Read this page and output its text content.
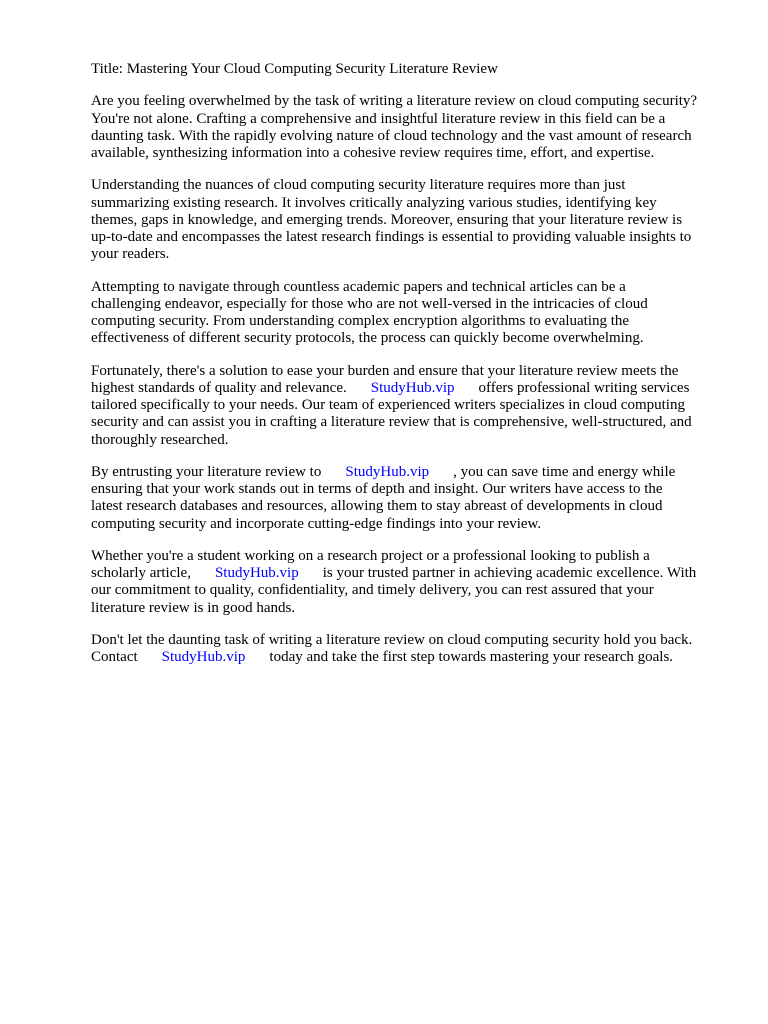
Title: Mastering Your Cloud Computing Security Literature Review

Are you feeling overwhelmed by the task of writing a literature review on cloud computing security?
You're not alone. Crafting a comprehensive and insightful literature review in this field can be a
daunting task. With the rapidly evolving nature of cloud technology and the vast amount of research
available, synthesizing information into a cohesive review requires time, effort, and expertise.

Understanding the nuances of cloud computing security literature requires more than just
summarizing existing research. It involves critically analyzing various studies, identifying key
themes, gaps in knowledge, and emerging trends. Moreover, ensuring that your literature review is
up-to-date and encompasses the latest research findings is essential to providing valuable insights to
your readers.

Attempting to navigate through countless academic papers and technical articles can be a
challenging endeavor, especially for those who are not well-versed in the intricacies of cloud
computing security. From understanding complex encryption algorithms to evaluating the
effectiveness of different security protocols, the process can quickly become overwhelming.

Fortunately, there's a solution to ease your burden and ensure that your literature review meets the
highest standards of quality and relevance. StudyHub.vip offers professional writing services
tailored specifically to your needs. Our team of experienced writers specializes in cloud computing
security and can assist you in crafting a literature review that is comprehensive, well-structured, and
thoroughly researched.

By entrusting your literature review to StudyHub.vip , you can save time and energy while
ensuring that your work stands out in terms of depth and insight. Our writers have access to the
latest research databases and resources, allowing them to stay abreast of developments in cloud
computing security and incorporate cutting-edge findings into your review.

Whether you're a student working on a research project or a professional looking to publish a
scholarly article, StudyHub.vip is your trusted partner in achieving academic excellence. With
our commitment to quality, confidentiality, and timely delivery, you can rest assured that your
literature review is in good hands.

Don't let the daunting task of writing a literature review on cloud computing security hold you back.
Contact StudyHub.vip today and take the first step towards mastering your research goals.
